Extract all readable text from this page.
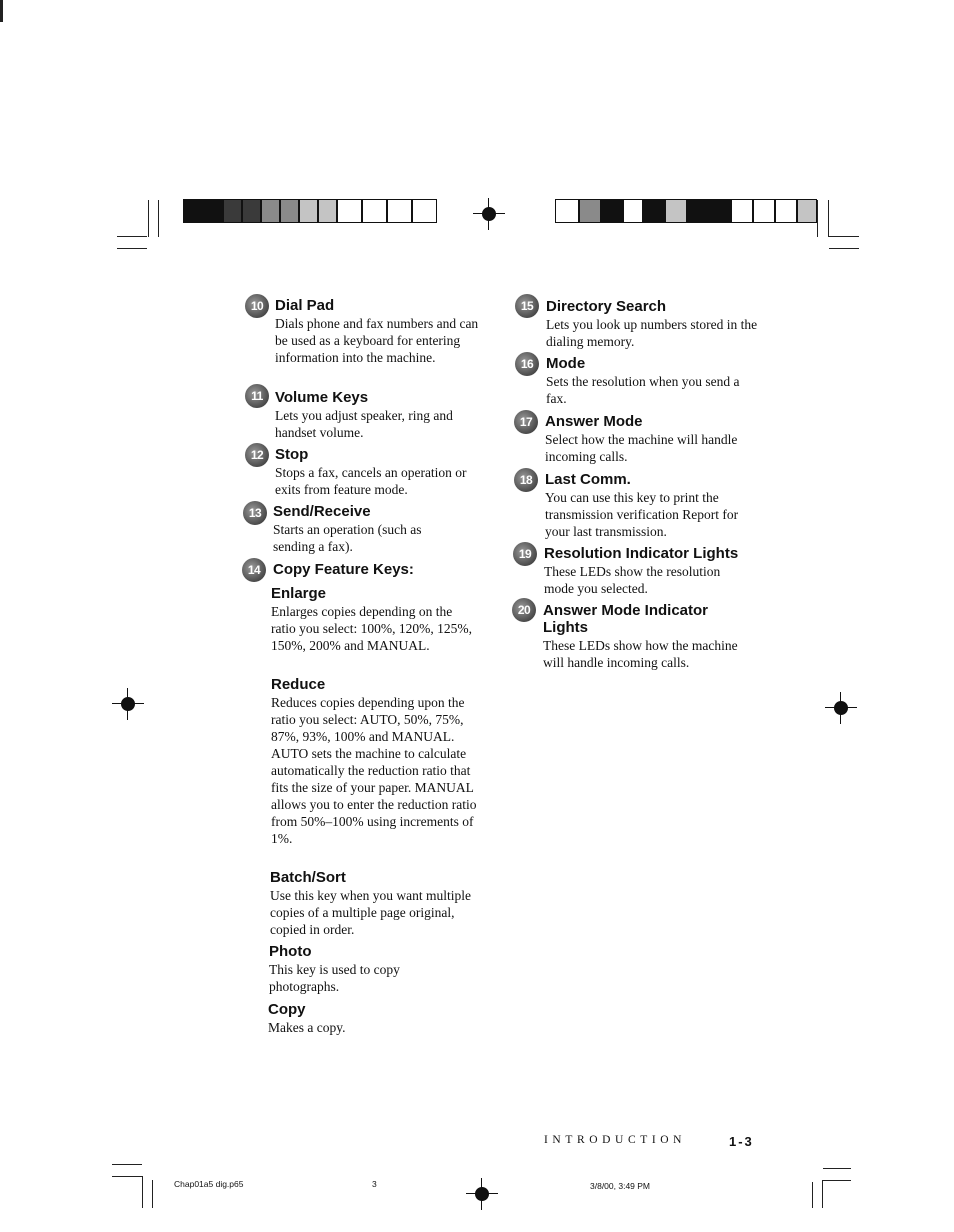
10 Dial Pad
Dials phone and fax numbers and can be used as a keyboard for entering information into the machine.
11 Volume Keys
Lets you adjust speaker, ring and handset volume.
12 Stop
Stops a fax, cancels an operation or exits from feature mode.
13 Send/Receive
Starts an operation (such as sending a fax).
14 Copy Feature Keys:
Enlarge
Enlarges copies depending on the ratio you select: 100%, 120%, 125%, 150%, 200% and MANUAL.
Reduce
Reduces copies depending upon the ratio you select: AUTO, 50%, 75%, 87%, 93%, 100% and MANUAL. AUTO sets the machine to calculate automatically the reduction ratio that fits the size of your paper. MANUAL allows you to enter the reduction ratio from 50%–100% using increments of 1%.
Batch/Sort
Use this key when you want multiple copies of a multiple page original, copied in order.
Photo
This key is used to copy photographs.
Copy
Makes a copy.
15 Directory Search
Lets you look up numbers stored in the dialing memory.
16 Mode
Sets the resolution when you send a fax.
17 Answer Mode
Select how the machine will handle incoming calls.
18 Last Comm.
You can use this key to print the transmission verification Report for your last transmission.
19 Resolution Indicator Lights
These LEDs show the resolution mode you selected.
20 Answer Mode Indicator Lights
These LEDs show how the machine will handle incoming calls.
INTRODUCTION	1-3
Chap01a5 dig.p65	3	3/8/00, 3:49 PM
